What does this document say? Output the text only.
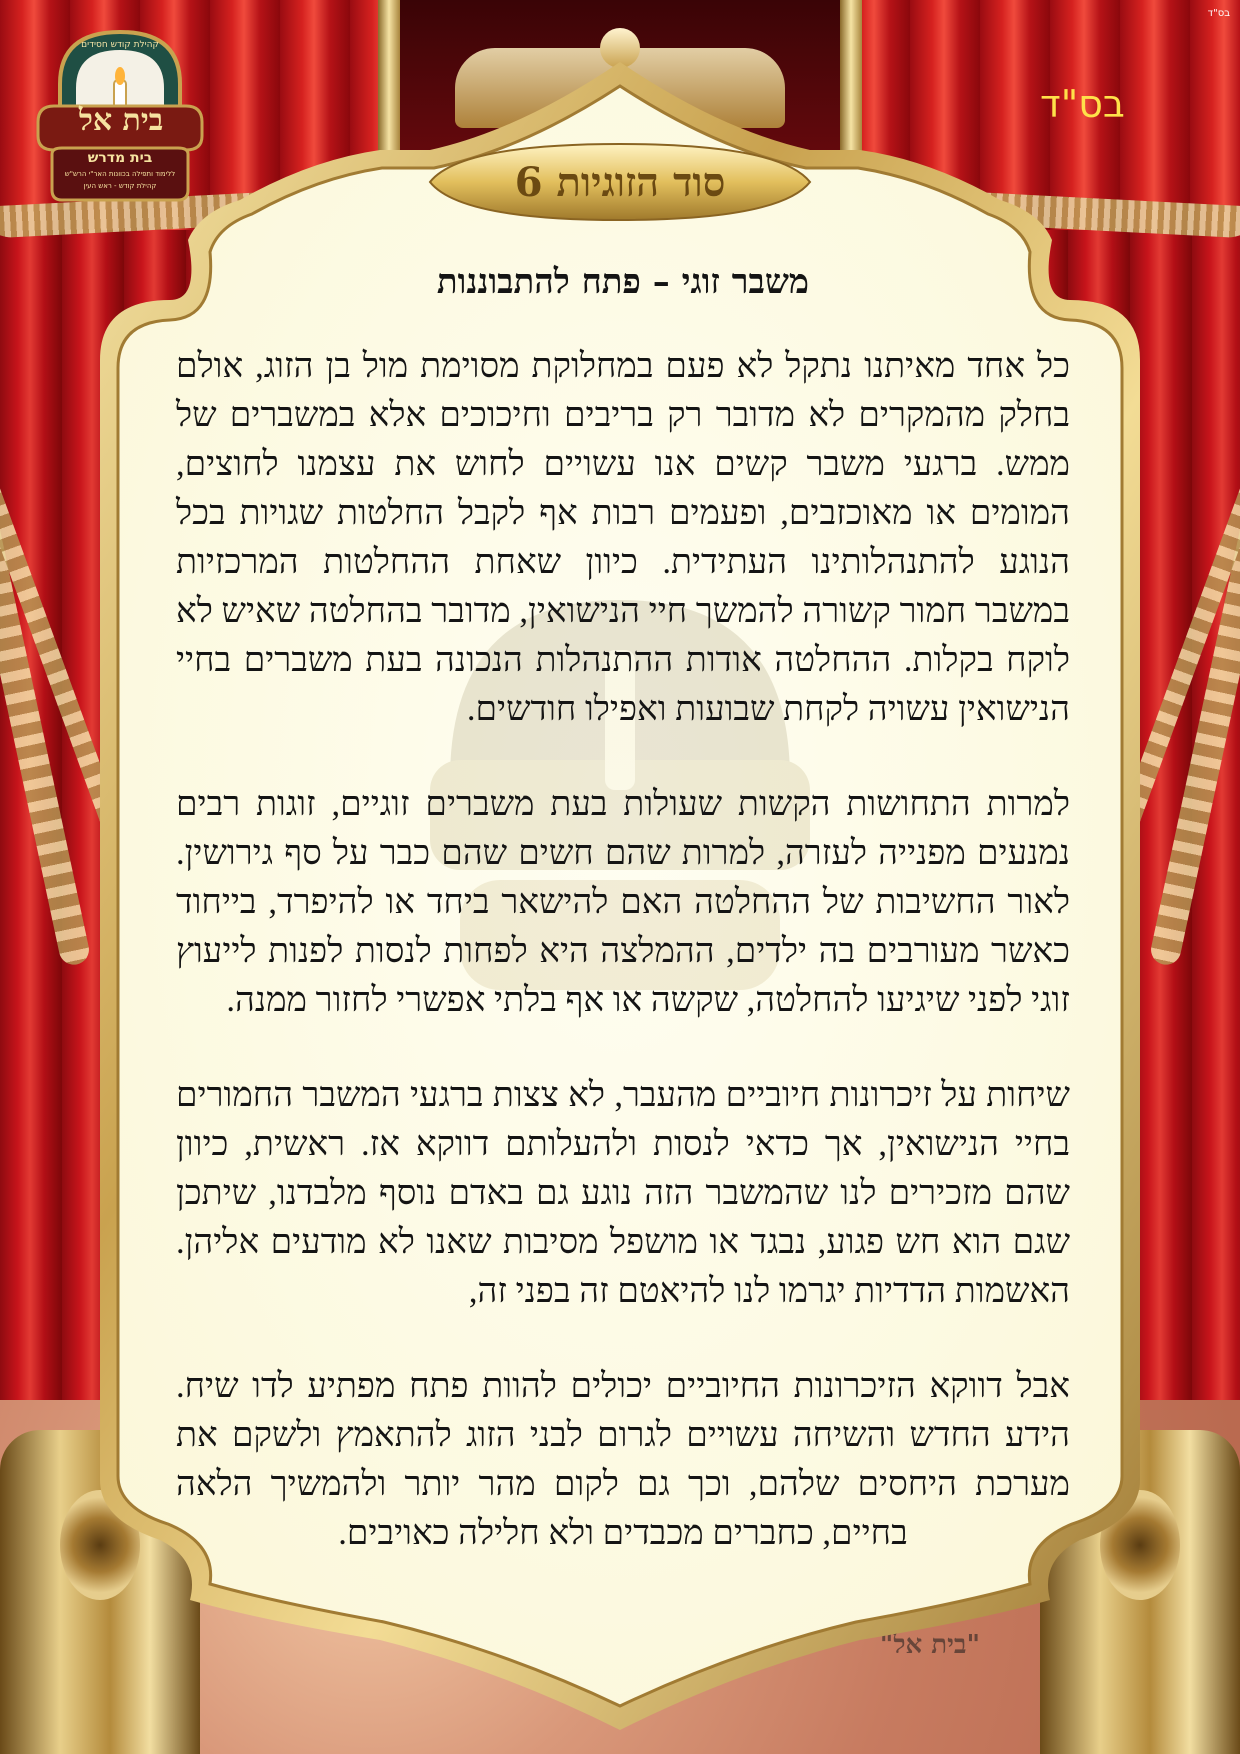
"בית אל"
קהילת קודש חסידים
בית אל
בית מדרש
ללימוד ותפילה בכוונות האר"י הרש"ש
קהילת קודש - ראש העין
בס"ד
בס"ד
סוד הזוגיות 6
משבר זוגי – פתח להתבוננות

כל אחד מאיתנו נתקל לא פעם במחלוקת מסוימת מול בן הזוג, אולם בחלק מהמקרים לא מדובר רק בריבים וחיכוכים אלא במשברים של ממש. ברגעי משבר קשים אנו עשויים לחוש את עצמנו לחוצים, המומים או מאוכזבים, ופעמים רבות אף לקבל החלטות שגויות בכל הנוגע להתנהלותינו העתידית. כיוון שאחת ההחלטות המרכזיות במשבר חמור קשורה להמשך חיי הנישואין, מדובר בהחלטה שאיש לא לוקח בקלות. ההחלטה אודות ההתנהלות הנכונה בעת משברים בחיי הנישואין עשויה לקחת שבועות ואפילו חודשים.

למרות התחושות הקשות שעולות בעת משברים זוגיים, זוגות רבים נמנעים מפנייה לעזרה, למרות שהם חשים שהם כבר על סף גירושין. לאור החשיבות של ההחלטה האם להישאר ביחד או להיפרד, בייחוד כאשר מעורבים בה ילדים, ההמלצה היא לפחות לנסות לפנות לייעוץ זוגי לפני שיגיעו להחלטה, שקשה או אף בלתי אפשרי לחזור ממנה.

שיחות על זיכרונות חיוביים מהעבר, לא צצות ברגעי המשבר החמורים בחיי הנישואין, אך כדאי לנסות ולהעלותם דווקא אז. ראשית, כיוון שהם מזכירים לנו שהמשבר הזה נוגע גם באדם נוסף מלבדנו, שיתכן שגם הוא חש פגוע, נבגד או מושפל מסיבות שאנו לא מודעים אליהן. האשמות הדדיות יגרמו לנו להיאטם זה בפני זה,

אבל דווקא הזיכרונות החיוביים יכולים להוות פתח מפתיע לדו שיח. הידע החדש והשיחה עשויים לגרום לבני הזוג להתאמץ ולשקם את מערכת היחסים שלהם, וכך גם לקום מהר יותר ולהמשיך הלאה בחיים, כחברים מכבדים ולא חלילה כאויבים.
